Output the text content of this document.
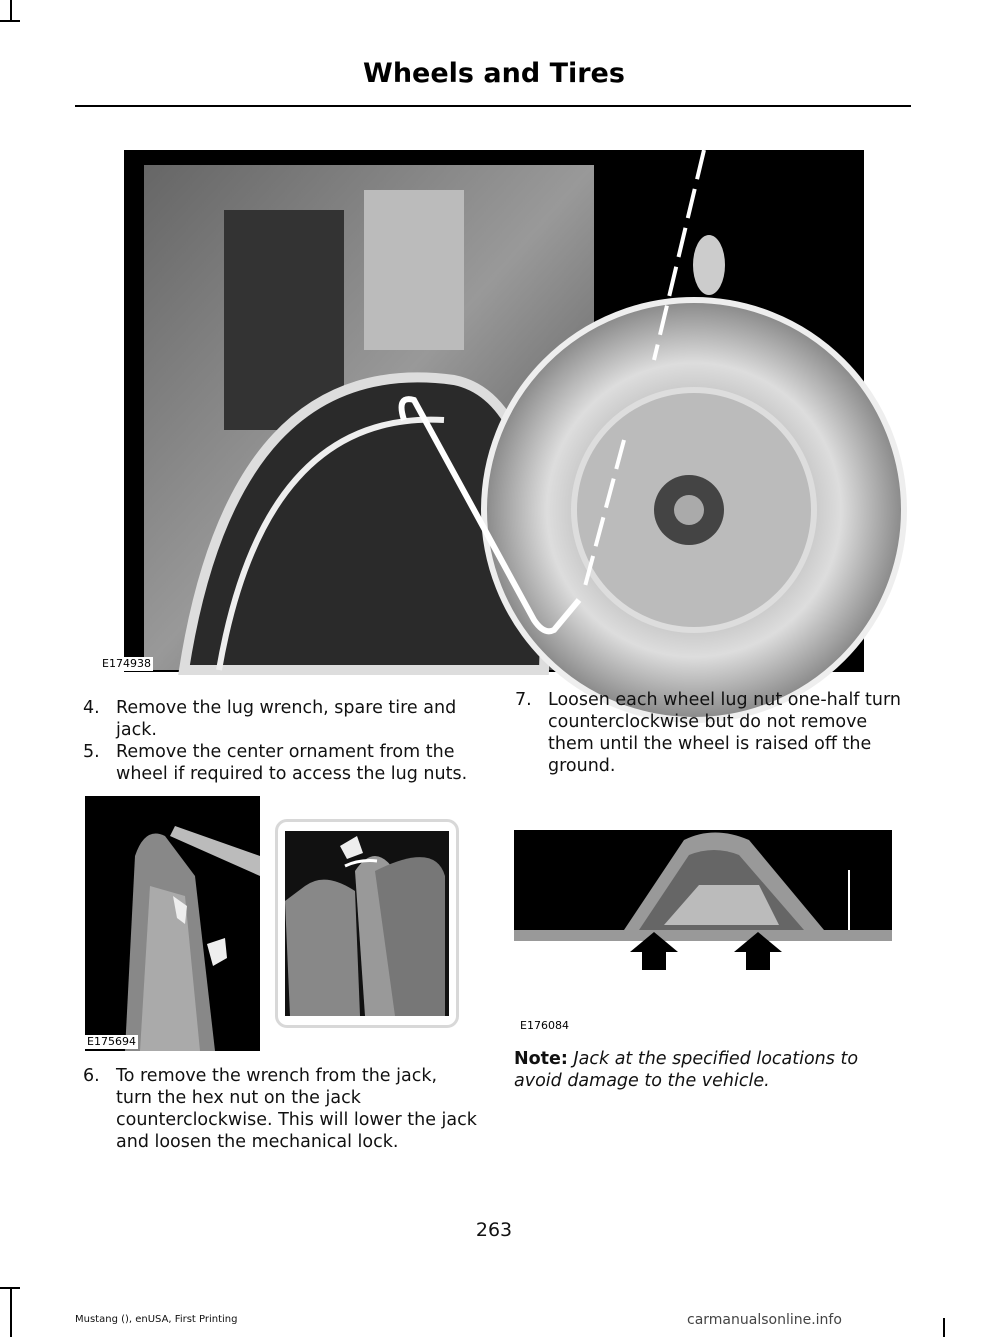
Wheels and Tires
E174938
4. Remove the lug wrench, spare tire and jack.
5. Remove the center ornament from the wheel if required to access the lug nuts.
E175694
6. To remove the wrench from the jack, turn the hex nut on the jack counterclockwise. This will lower the jack and loosen the mechanical lock.
7. Loosen each wheel lug nut one-half turn counterclockwise but do not remove them until the wheel is raised off the ground.
E176084
Note: Jack at the specified locations to avoid damage to the vehicle.
263
Mustang (), enUSA, First Printing	carmanualsonline.info
